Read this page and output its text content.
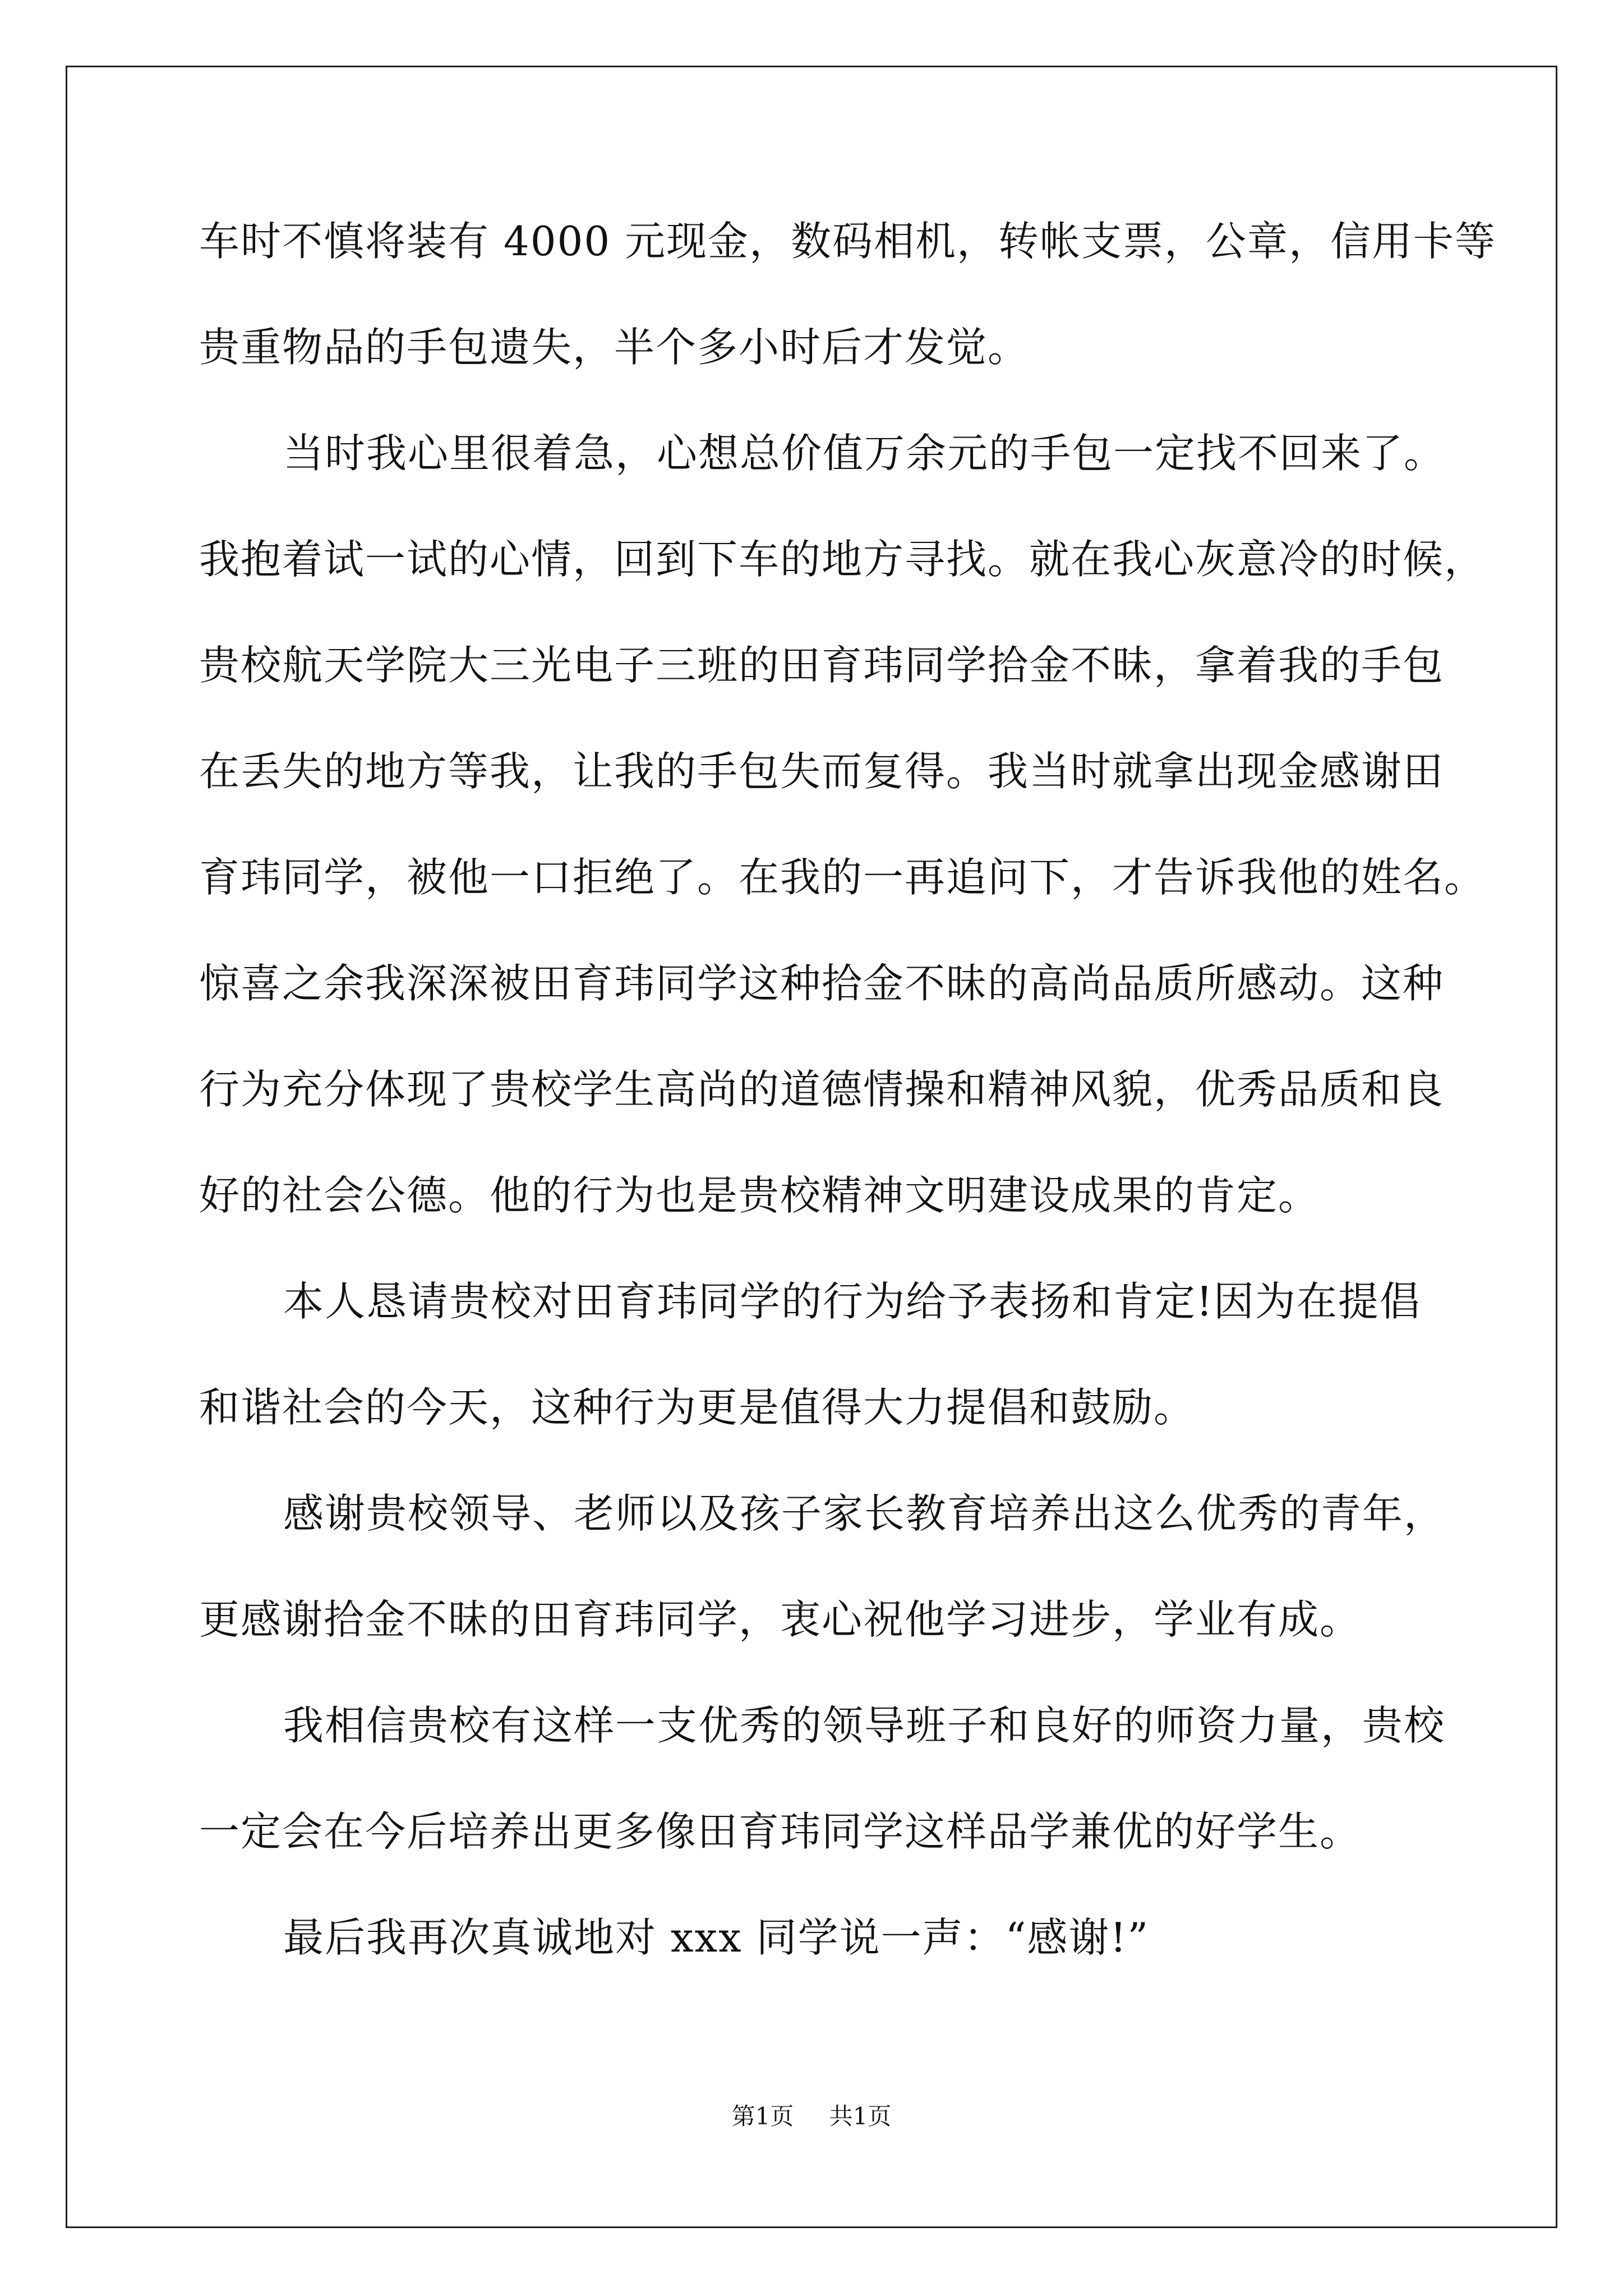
车时不慎将装有 4000 元现金，数码相机，转帐支票，公章，信用卡等
贵重物品的手包遗失，半个多小时后才发觉。
当时我心里很着急，心想总价值万余元的手包一定找不回来了。
我抱着试一试的心情，回到下车的地方寻找。就在我心灰意冷的时候，
贵校航天学院大三光电子三班的田育玮同学拾金不昧，拿着我的手包
在丢失的地方等我，让我的手包失而复得。我当时就拿出现金感谢田
育玮同学，被他一口拒绝了。在我的一再追问下，才告诉我他的姓名。
惊喜之余我深深被田育玮同学这种拾金不昧的高尚品质所感动。这种
行为充分体现了贵校学生高尚的道德情操和精神风貌，优秀品质和良
好的社会公德。他的行为也是贵校精神文明建设成果的肯定。
本人恳请贵校对田育玮同学的行为给予表扬和肯定!因为在提倡
和谐社会的今天，这种行为更是值得大力提倡和鼓励。
感谢贵校领导、老师以及孩子家长教育培养出这么优秀的青年，
更感谢拾金不昧的田育玮同学，衷心祝他学习进步，学业有成。
我相信贵校有这样一支优秀的领导班子和良好的师资力量，贵校
一定会在今后培养出更多像田育玮同学这样品学兼优的好学生。
最后我再次真诚地对 xxx 同学说一声：“感谢!”
第1页 共1页
